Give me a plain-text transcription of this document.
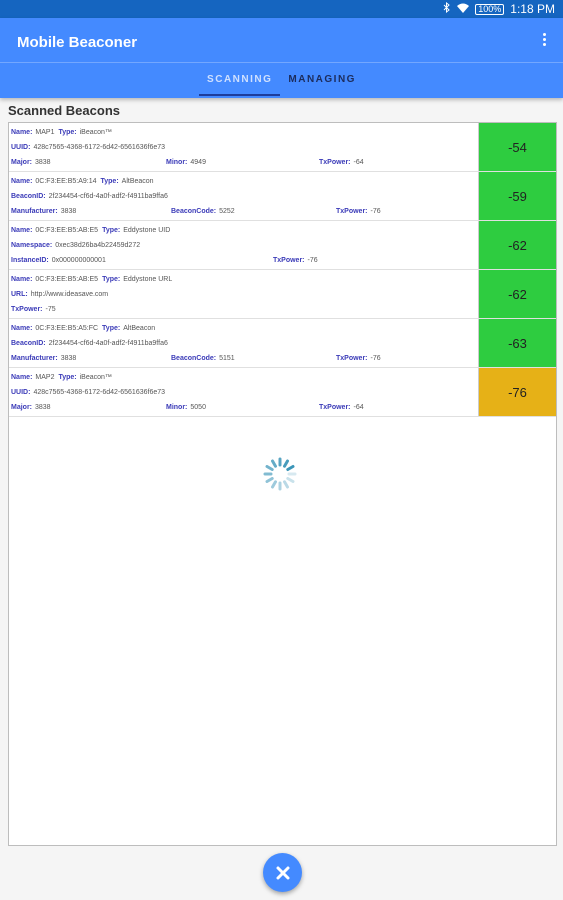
100% 1:18 PM
Mobile Beaconer
SCANNING	MANAGING
Scanned Beacons
Name: MAP1 Type: iBeacon™
UUID: 428c7565-4368-6172-6d42-6561636f6e73
Major: 3838	Minor: 4949	TxPower: -64
-54
Name: 0C:F3:EE:B5:A9:14 Type: AltBeacon
BeaconID: 2f234454-cf6d-4a0f-adf2-f4911ba9ffa6
Manufacturer: 3838	BeaconCode: 5252	TxPower: -76
-59
Name: 0C:F3:EE:B5:AB:E5 Type: Eddystone UID
Namespace: 0xec38d26ba4b22459d272
InstanceID: 0x000000000001	TxPower: -76
-62
Name: 0C:F3:EE:B5:AB:E5 Type: Eddystone URL
URL: http://www.ideasave.com
TxPower: -75
-62
Name: 0C:F3:EE:B5:A5:FC Type: AltBeacon
BeaconID: 2f234454-cf6d-4a0f-adf2-f4911ba9ffa6
Manufacturer: 3838	BeaconCode: 5151	TxPower: -76
-63
Name: MAP2 Type: iBeacon™
UUID: 428c7565-4368-6172-6d42-6561636f6e73
Major: 3838	Minor: 5050	TxPower: -64
-76
